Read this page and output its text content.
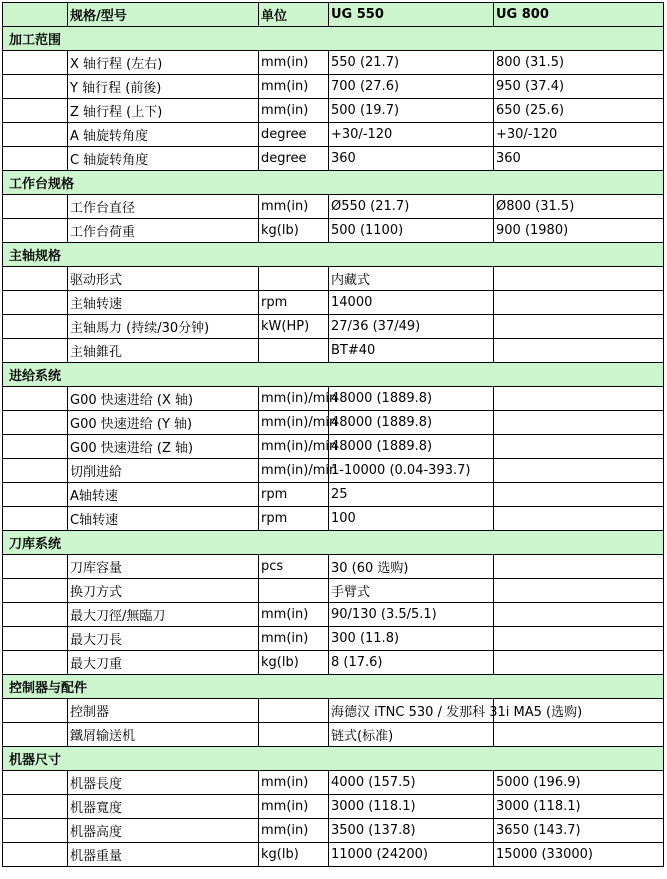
	规格/型号	单位	UG 550	UG 800
加工范围				
	X 轴行程 (左右)	mm(in)	550 (21.7)	800 (31.5)
	Y 轴行程 (前後)	mm(in)	700 (27.6)	950 (37.4)
	Z 轴行程 (上下)	mm(in)	500 (19.7)	650 (25.6)
	A 轴旋转角度	degree	+30/-120	+30/-120
	C 轴旋转角度	degree	360	360
工作台规格				
	工作台直径	mm(in)	Ø550 (21.7)	Ø800 (31.5)
	工作台荷重	kg(lb)	500 (1100)	900 (1980)
主轴规格				
	驱动形式		内藏式	
	主轴转速	rpm	14000	
	主轴馬力 (持续/30分钟)	kW(HP)	27/36 (37/49)	
	主轴錐孔		BT#40	
进给系统				
	G00 快速进给 (X 轴)	mm(in)/min	48000 (1889.8)	
	G00 快速进给 (Y 轴)	mm(in)/min	48000 (1889.8)	
	G00 快速进给 (Z 轴)	mm(in)/min	48000 (1889.8)	
	切削进給	mm(in)/min	1-10000 (0.04-393.7)	
	A轴转速	rpm	25	
	C轴转速	rpm	100	
刀库系统				
	刀库容量	pcs	30 (60 选购)	
	换刀方式		手臂式	
	最大刀徑/無臨刀	mm(in)	90/130 (3.5/5.1)	
	最大刀長	mm(in)	300 (11.8)	
	最大刀重	kg(lb)	8 (17.6)	
控制器与配件				
	控制器		海德汉 iTNC 530 / 发那科 31i MA5 (选购)	
	鐵屑输送机		链式(标准)	
机器尺寸				
	机器長度	mm(in)	4000 (157.5)	5000 (196.9)
	机器寬度	mm(in)	3000 (118.1)	3000 (118.1)
	机器高度	mm(in)	3500 (137.8)	3650 (143.7)
	机器重量	kg(lb)	11000 (24200)	15000 (33000)
